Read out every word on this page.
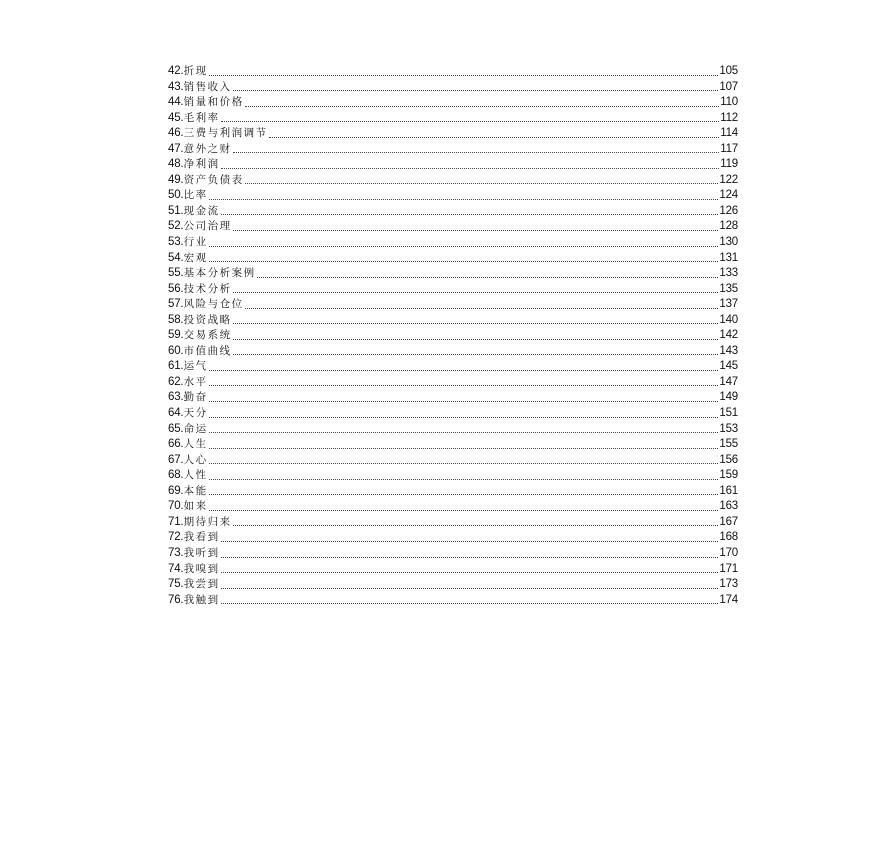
42 . 折现	105
43 . 销售收入	107
44 . 销量和价格	110
45 . 毛利率	112
46 . 三费与利润调节	114
47 . 意外之财	117
48 . 净利润	119
49 . 资产负债表	122
50 . 比率	124
51 . 现金流	126
52 . 公司治理	128
53 . 行业	130
54 . 宏观	131
55 . 基本分析案例	133
56 . 技术分析	135
57 . 风险与仓位	137
58 . 投资战略	140
59 . 交易系统	142
60 . 市值曲线	143
61 . 运气	145
62 . 水平	147
63 . 勤奋	149
64 . 天分	151
65 . 命运	153
66 . 人生	155
67 . 人心	156
68 . 人性	159
69 . 本能	161
70 . 如来	163
71 . 期待归来	167
72 . 我看到	168
73 . 我听到	170
74 . 我嗅到	171
75 . 我尝到	173
76 . 我触到	174
